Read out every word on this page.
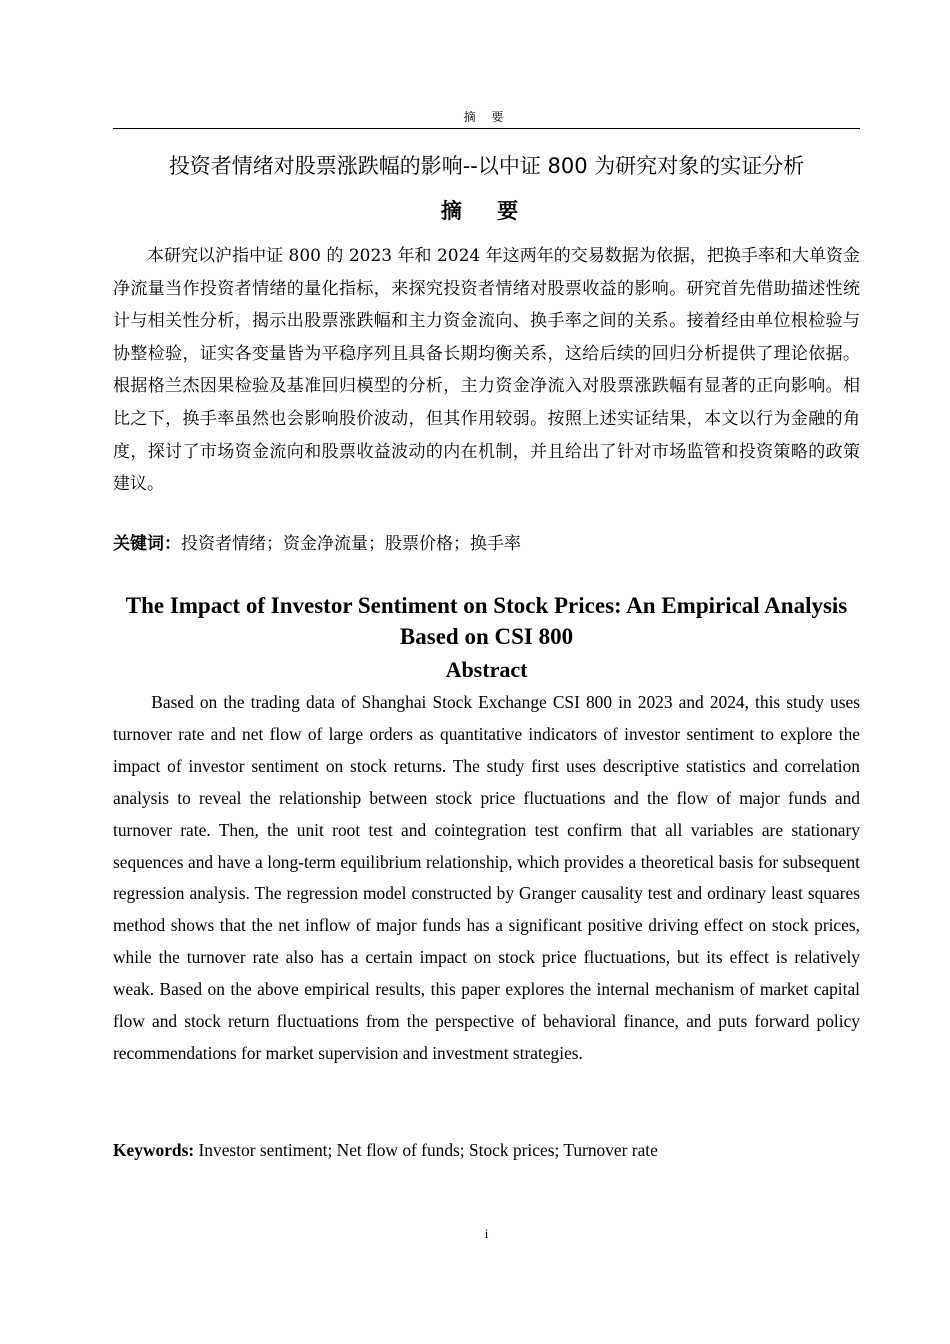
摘 要
投资者情绪对股票涨跌幅的影响--以中证 800 为研究对象的实证分析
摘 要

本研究以沪指中证 800 的 2023 年和 2024 年这两年的交易数据为依据，把换手率和大单资金净流量当作投资者情绪的量化指标，来探究投资者情绪对股票收益的影响。研究首先借助描述性统计与相关性分析，揭示出股票涨跌幅和主力资金流向、换手率之间的关系。接着经由单位根检验与协整检验，证实各变量皆为平稳序列且具备长期均衡关系，这给后续的回归分析提供了理论依据。根据格兰杰因果检验及基准回归模型的分析，主力资金净流入对股票涨跌幅有显著的正向影响。相比之下，换手率虽然也会影响股价波动，但其作用较弱。按照上述实证结果，本文以行为金融的角度，探讨了市场资金流向和股票收益波动的内在机制，并且给出了针对市场监管和投资策略的政策建议。

关键词：投资者情绪；资金净流量；股票价格；换手率
The Impact of Investor Sentiment on Stock Prices: An Empirical Analysis Based on CSI 800
Abstract

Based on the trading data of Shanghai Stock Exchange CSI 800 in 2023 and 2024, this study uses turnover rate and net flow of large orders as quantitative indicators of investor sentiment to explore the impact of investor sentiment on stock returns. The study first uses descriptive statistics and correlation analysis to reveal the relationship between stock price fluctuations and the flow of major funds and turnover rate. Then, the unit root test and cointegration test confirm that all variables are stationary sequences and have a long-term equilibrium relationship, which provides a theoretical basis for subsequent regression analysis. The regression model constructed by Granger causality test and ordinary least squares method shows that the net inflow of major funds has a significant positive driving effect on stock prices, while the turnover rate also has a certain impact on stock price fluctuations, but its effect is relatively weak. Based on the above empirical results, this paper explores the internal mechanism of market capital flow and stock return fluctuations from the perspective of behavioral finance, and puts forward policy recommendations for market supervision and investment strategies.

Keywords: Investor sentiment; Net flow of funds; Stock prices; Turnover rate
i
